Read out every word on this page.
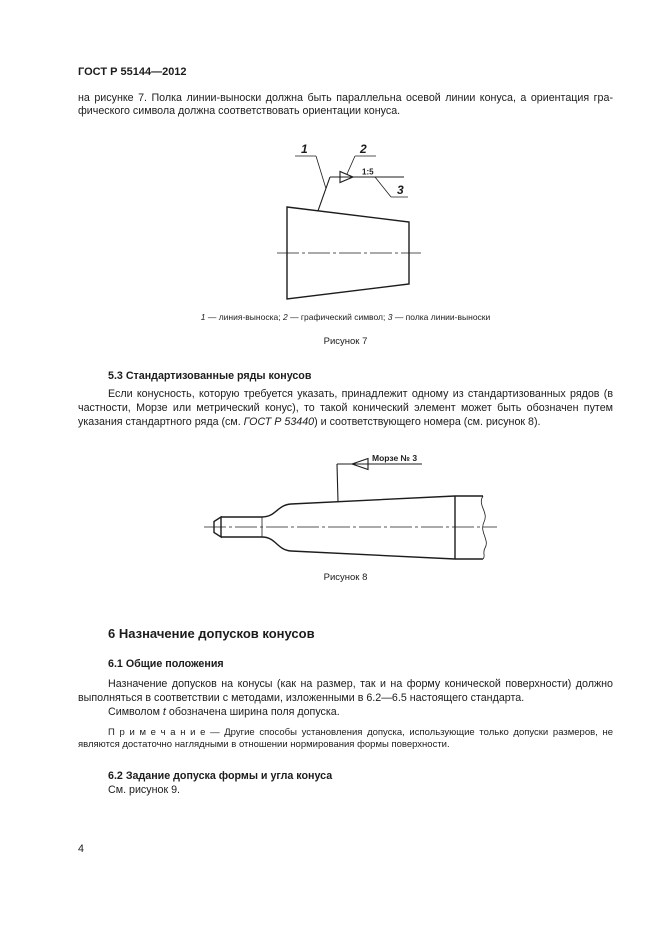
ГОСТ Р 55144—2012
на рисунке 7. Полка линии-выноски должна быть параллельна осевой линии конуса, а ориентация гра-
фического символа должна соответствовать ориентации конуса.
1:5
1	2
3
1 — линия-выноска; 2 — графический символ; 3 — полка линии-выноски
Рисунок 7
5.3 Стандартизованные ряды конусов
Если конусность, которую требуется указать, принадлежит одному из стандартизованных рядов (в
частности, Морзе или метрический конус), то такой конический элемент может быть обозначен путем
указания стандартного ряда (см. ГОСТ Р 53440) и соответствующего номера (см. рисунок 8).
Морзе № 3
Рисунок 8
6 Назначение допусков конусов
6.1 Общие положения
Назначение допусков на конусы (как на размер, так и на форму конической поверхности) должно
выполняться в соответствии с методами, изложенными в 6.2—6.5 настоящего стандарта.
Символом t обозначена ширина поля допуска.
П р и м е ч а н и е — Другие способы установления допуска, использующие только допуски размеров, не
являются достаточно наглядными в отношении нормирования формы поверхности.
6.2 Задание допуска формы и угла конуса
См. рисунок 9.
4
